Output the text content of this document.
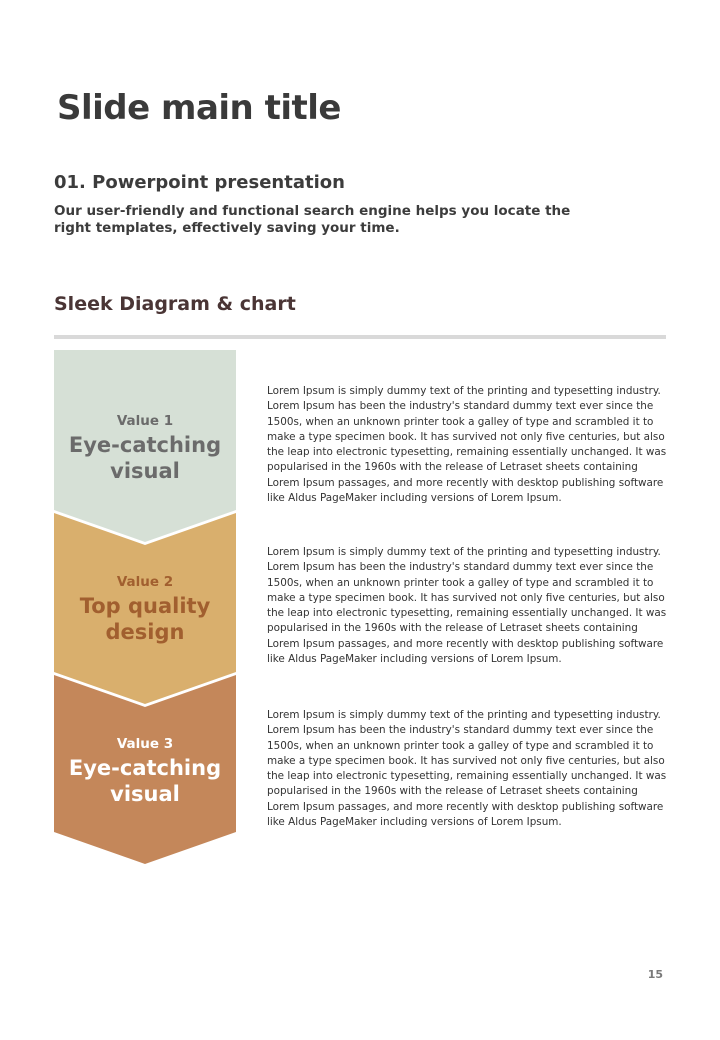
Slide main title
01. Powerpoint presentation

Our user-friendly and functional search engine helps you locate the right templates, effectively saving your time.

Sleek Diagram & chart
Value 1
Eye-catching
visual
Value 2
Top quality
design
Value 3
Eye-catching
visual

Lorem Ipsum is simply dummy text of the printing and typesetting industry. Lorem Ipsum has been the industry's standard dummy text ever since the 1500s, when an unknown printer took a galley of type and scrambled it to make a type specimen book. It has survived not only five centuries, but also the leap into electronic typesetting, remaining essentially unchanged. It was popularised in the 1960s with the release of Letraset sheets containing Lorem Ipsum passages, and more recently with desktop publishing software like Aldus PageMaker including versions of Lorem Ipsum.

Lorem Ipsum is simply dummy text of the printing and typesetting industry. Lorem Ipsum has been the industry's standard dummy text ever since the 1500s, when an unknown printer took a galley of type and scrambled it to make a type specimen book. It has survived not only five centuries, but also the leap into electronic typesetting, remaining essentially unchanged. It was popularised in the 1960s with the release of Letraset sheets containing Lorem Ipsum passages, and more recently with desktop publishing software like Aldus PageMaker including versions of Lorem Ipsum.

Lorem Ipsum is simply dummy text of the printing and typesetting industry. Lorem Ipsum has been the industry's standard dummy text ever since the 1500s, when an unknown printer took a galley of type and scrambled it to make a type specimen book. It has survived not only five centuries, but also the leap into electronic typesetting, remaining essentially unchanged. It was popularised in the 1960s with the release of Letraset sheets containing Lorem Ipsum passages, and more recently with desktop publishing software like Aldus PageMaker including versions of Lorem Ipsum.

15
